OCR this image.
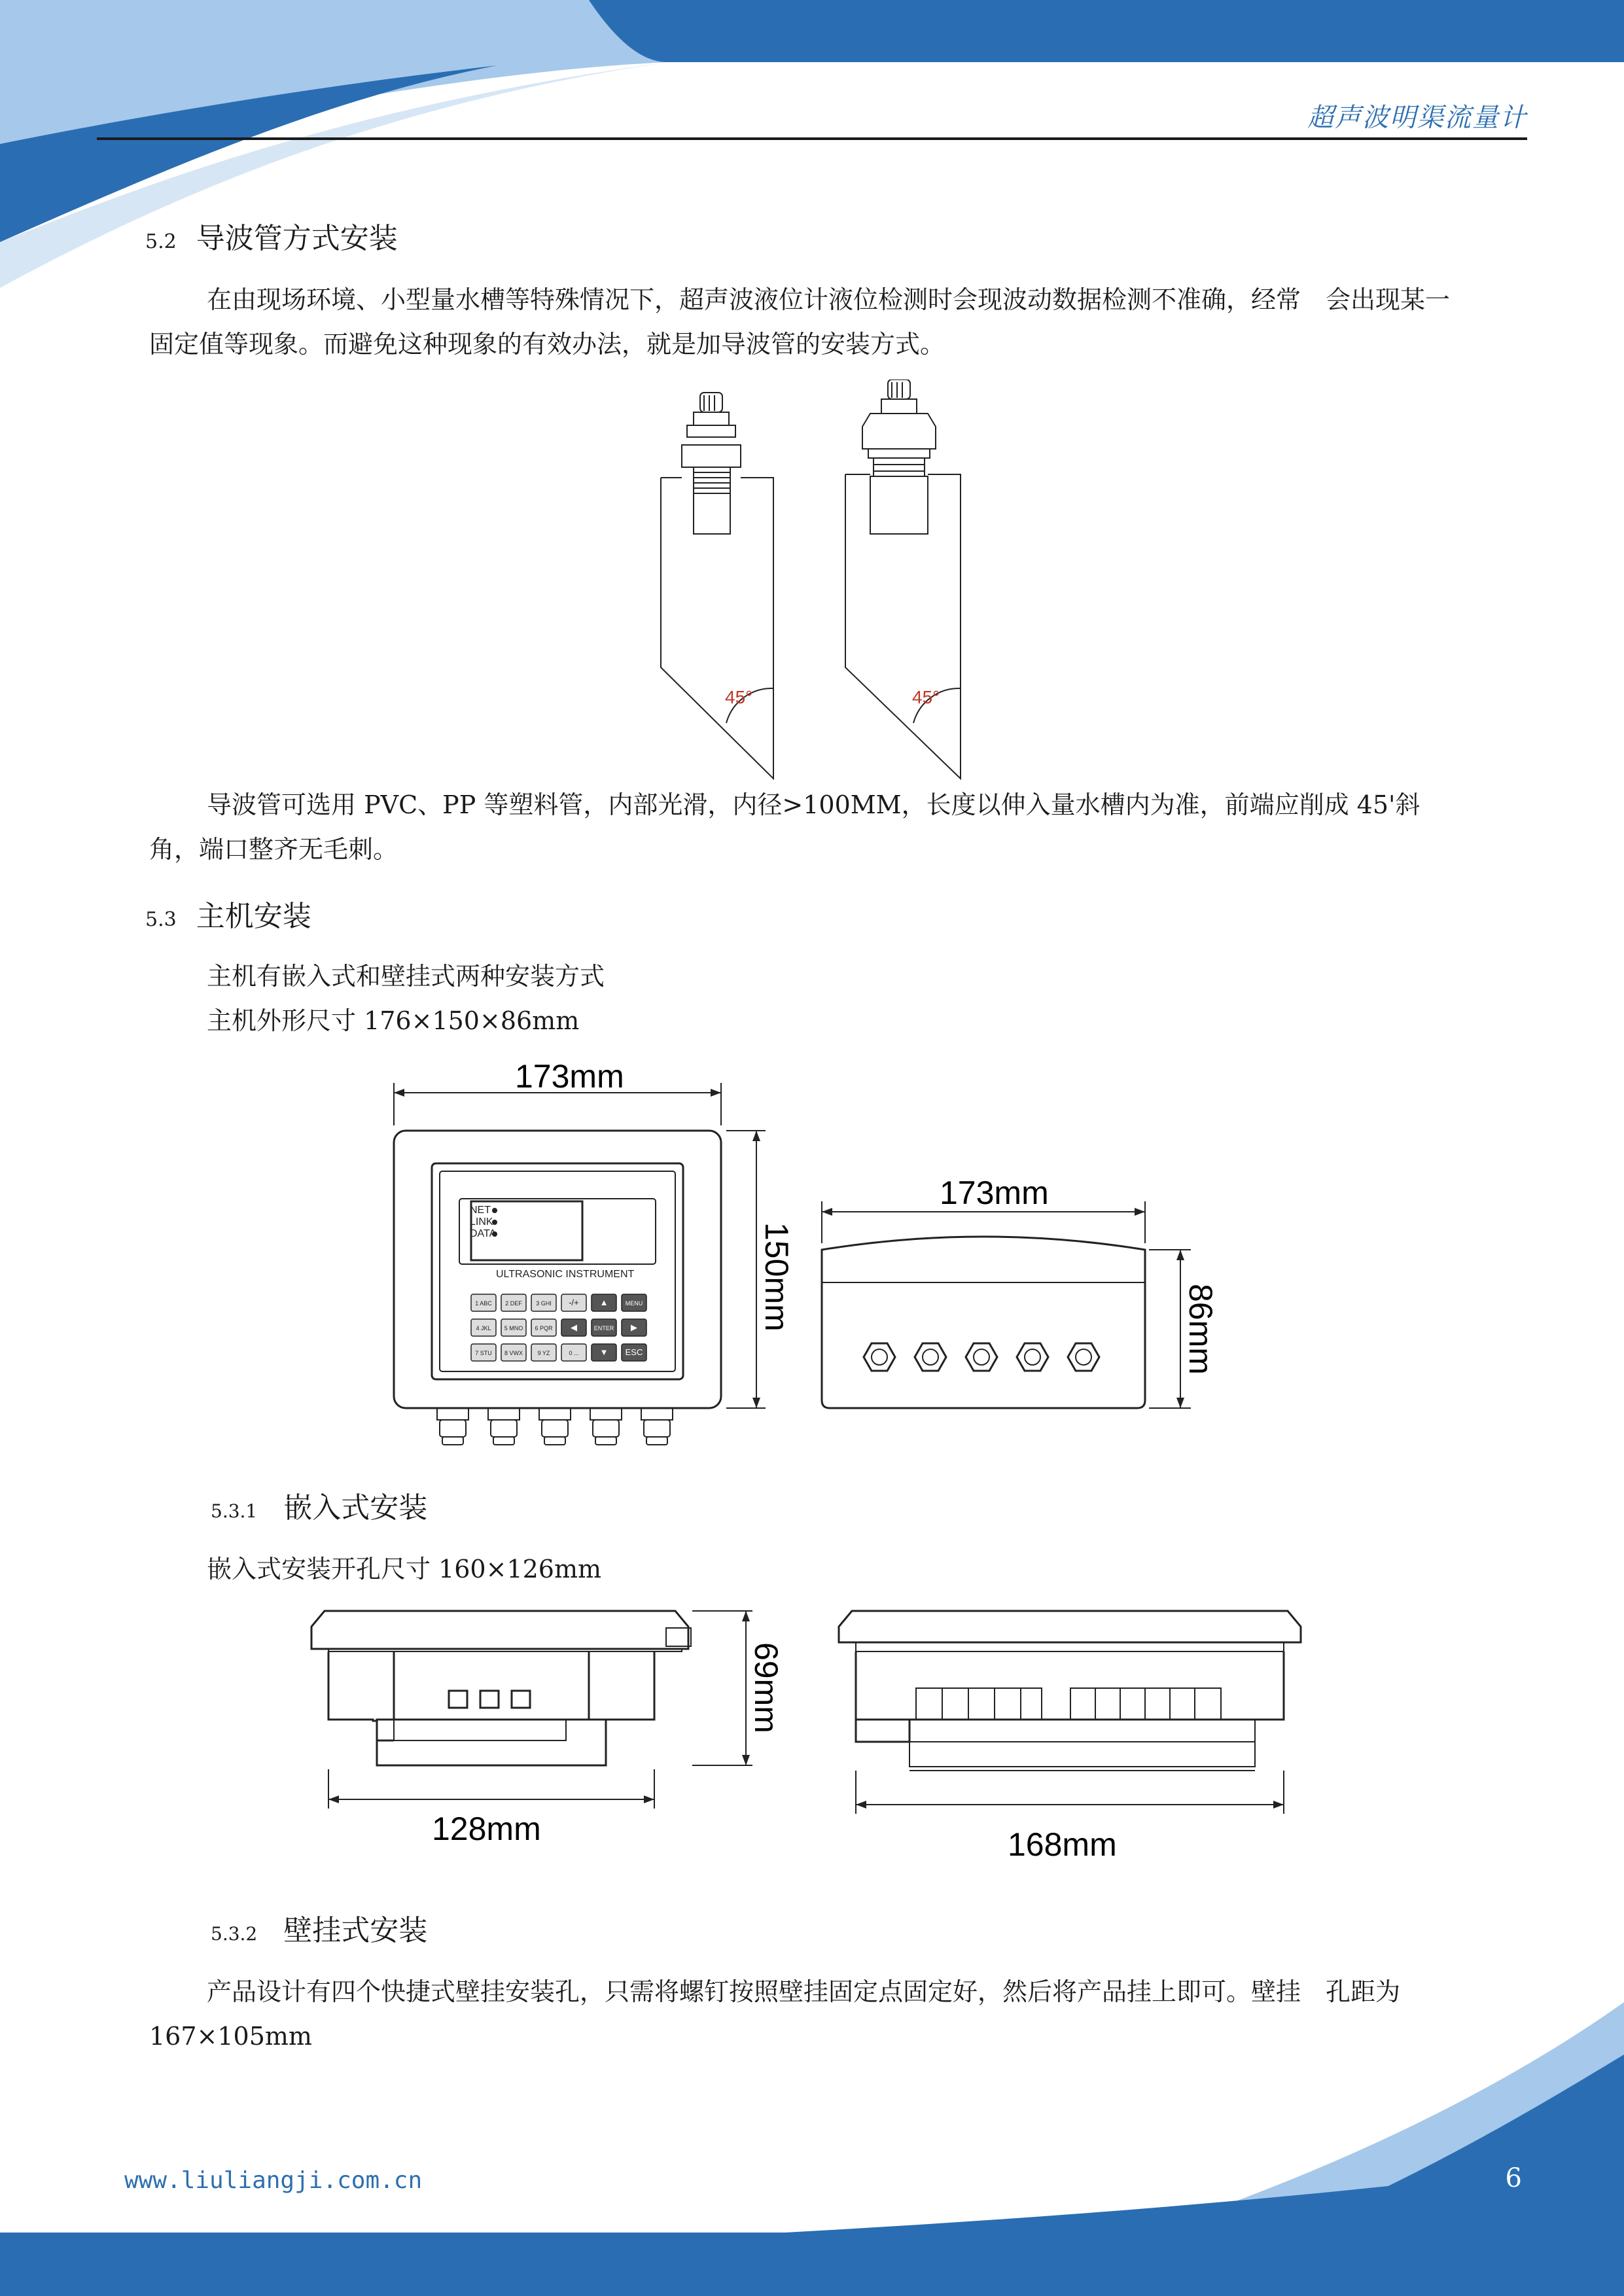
超声波明渠流量计
5.2 导波管方式安装
在由现场环境、小型量水槽等特殊情况下，超声波液位计液位检测时会现波动数据检测不准确，经常　会出现某一固定值等现象。而避免这种现象的有效办法，就是加导波管的安装方式。
45°	45°
导波管可选用 PVC、PP 等塑料管，内部光滑，内径>100MM，长度以伸入量水槽内为准，前端应削成 45'斜角，端口整齐无毛刺。
5.3 主机安装
主机有嵌入式和壁挂式两种安装方式
主机外形尺寸 176×150×86mm
173mm
NET
LINK
DATA
ULTRASONIC INSTRUMENT
1 ABC 2 DEF 3 GHI -/+ ▲	MENU
4 JKL 5 MNO 6 PQR ◀	ENTER ▶
7 STU 8 VWX	9 YZ	0 ... ▼ ESC
150mm
173mm
86mm
5.3.1 嵌入式安装
嵌入式安装开孔尺寸 160×126mm
69mm
128mm	168mm
5.3.2 壁挂式安装
产品设计有四个快捷式壁挂安装孔，只需将螺钉按照壁挂固定点固定好，然后将产品挂上即可。壁挂　孔距为 167×105mm
www.liuliangji.com.cn	6
